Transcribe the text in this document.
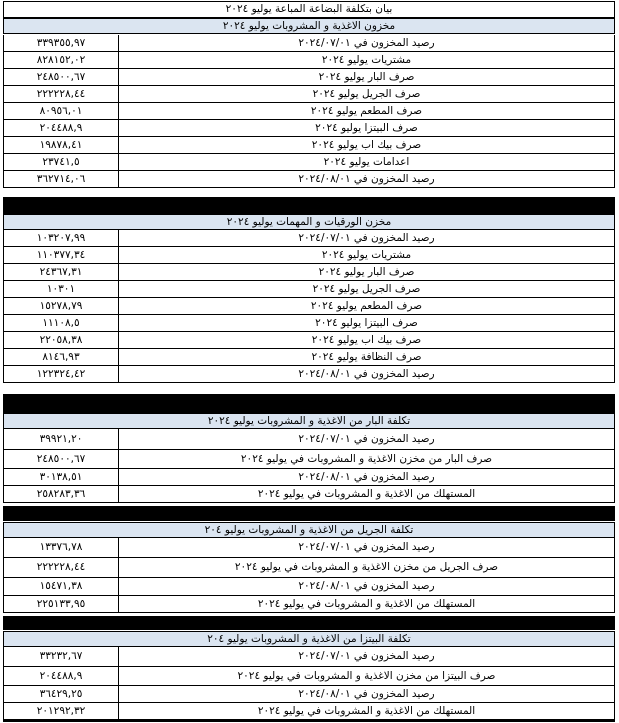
بيان بتكلفة البضاعة المباعة يوليو ٢٠٢٤
مخزون الاغذية و المشروبات يوليو ٢٠٢٤
٣٣٩٣٥٥,٩٧	رصيد المخزون في ٢٠٢٤/٠٧/٠١
٨٢٨١٥٢,٠٢	مشتريات يوليو ٢٠٢٤
٢٤٨٥٠٠,٦٧	صرف البار يوليو ٢٠٢٤
٢٢٢٢٢٨,٤٤	صرف الجريل يوليو ٢٠٢٤
٨٠٩٥٦,٠١	صرف المطعم يوليو ٢٠٢٤
٢٠٤٤٨٨,٩	صرف البيتزا يوليو ٢٠٢٤
١٩٨٧٨,٤١	صرف بيك اب يوليو ٢٠٢٤
٢٣٧٤١,٥	اعدامات يوليو ٢٠٢٤
٣٦٢٧١٤,٠٦	رصيد المخزون في ٢٠٢٤/٠٨/٠١
مخزن الورقيات و المهمات يوليو ٢٠٢٤
١٠٣٢٠٧,٩٩	رصيد المخزون في ٢٠٢٤/٠٧/٠١
١١٠٣٧٧,٣٤	مشتريات يوليو ٢٠٢٤
٢٤٣٦٧,٣١	صرف البار يوليو ٢٠٢٤
١٠٣٠١	صرف الجريل يوليو ٢٠٢٤
١٥٢٧٨,٧٩	صرف المطعم يوليو ٢٠٢٤
١١١٠٨,٥	صرف البيتزا يوليو ٢٠٢٤
٢٢٠٥٨,٣٨	صرف بيك اب يوليو ٢٠٢٤
٨١٤٦,٩٣	صرف النظافة يوليو ٢٠٢٤
١٢٢٣٢٤,٤٢	رصيد المخزون في ٢٠٢٤/٠٨/٠١
تكلفة البار من الاغذية و المشروبات يوليو ٢٠٢٤
٣٩٩٢١,٢٠	رصيد المخزون في ٢٠٢٤/٠٧/٠١
٢٤٨٥٠٠,٦٧	صرف البار من مخزن الاغذية و المشروبات في يوليو ٢٠٢٤
٣٠١٣٨,٥١	رصيد المخزون في ٢٠٢٤/٠٨/٠١
٢٥٨٢٨٣,٣٦	المستهلك من الاغذية و المشروبات في يوليو ٢٠٢٤
تكلفة الجريل من الاغذية و المشروبات يوليو ٢٠٤
١٣٣٧٦,٧٨	رصيد المخزون في ٢٠٢٤/٠٧/٠١
٢٢٢٢٢٨,٤٤	صرف الجريل من مخزن الاغذية و المشروبات في يوليو ٢٠٢٤
١٥٤٧١,٣٨	رصيد المخزون في ٢٠٢٤/٠٨/٠١
٢٢٥١٣٣,٩٥	المستهلك من الاغذية و المشروبات في يوليو ٢٠٢٤
تكلفة البيتزا من الاغذية و المشروبات يوليو ٢٠٤
٣٣٢٣٢,٦٧	رصيد المخزون في ٢٠٢٤/٠٧/٠١
٢٠٤٤٨٨,٩	صرف البيتزا من مخزن الاغذية و المشروبات في يوليو ٢٠٢٤
٣٦٤٢٩,٢٥	رصيد المخزون في ٢٠٢٤/٠٨/٠١
٢٠١٢٩٢,٣٢	المستهلك من الاغذية و المشروبات في يوليو ٢٠٢٤
